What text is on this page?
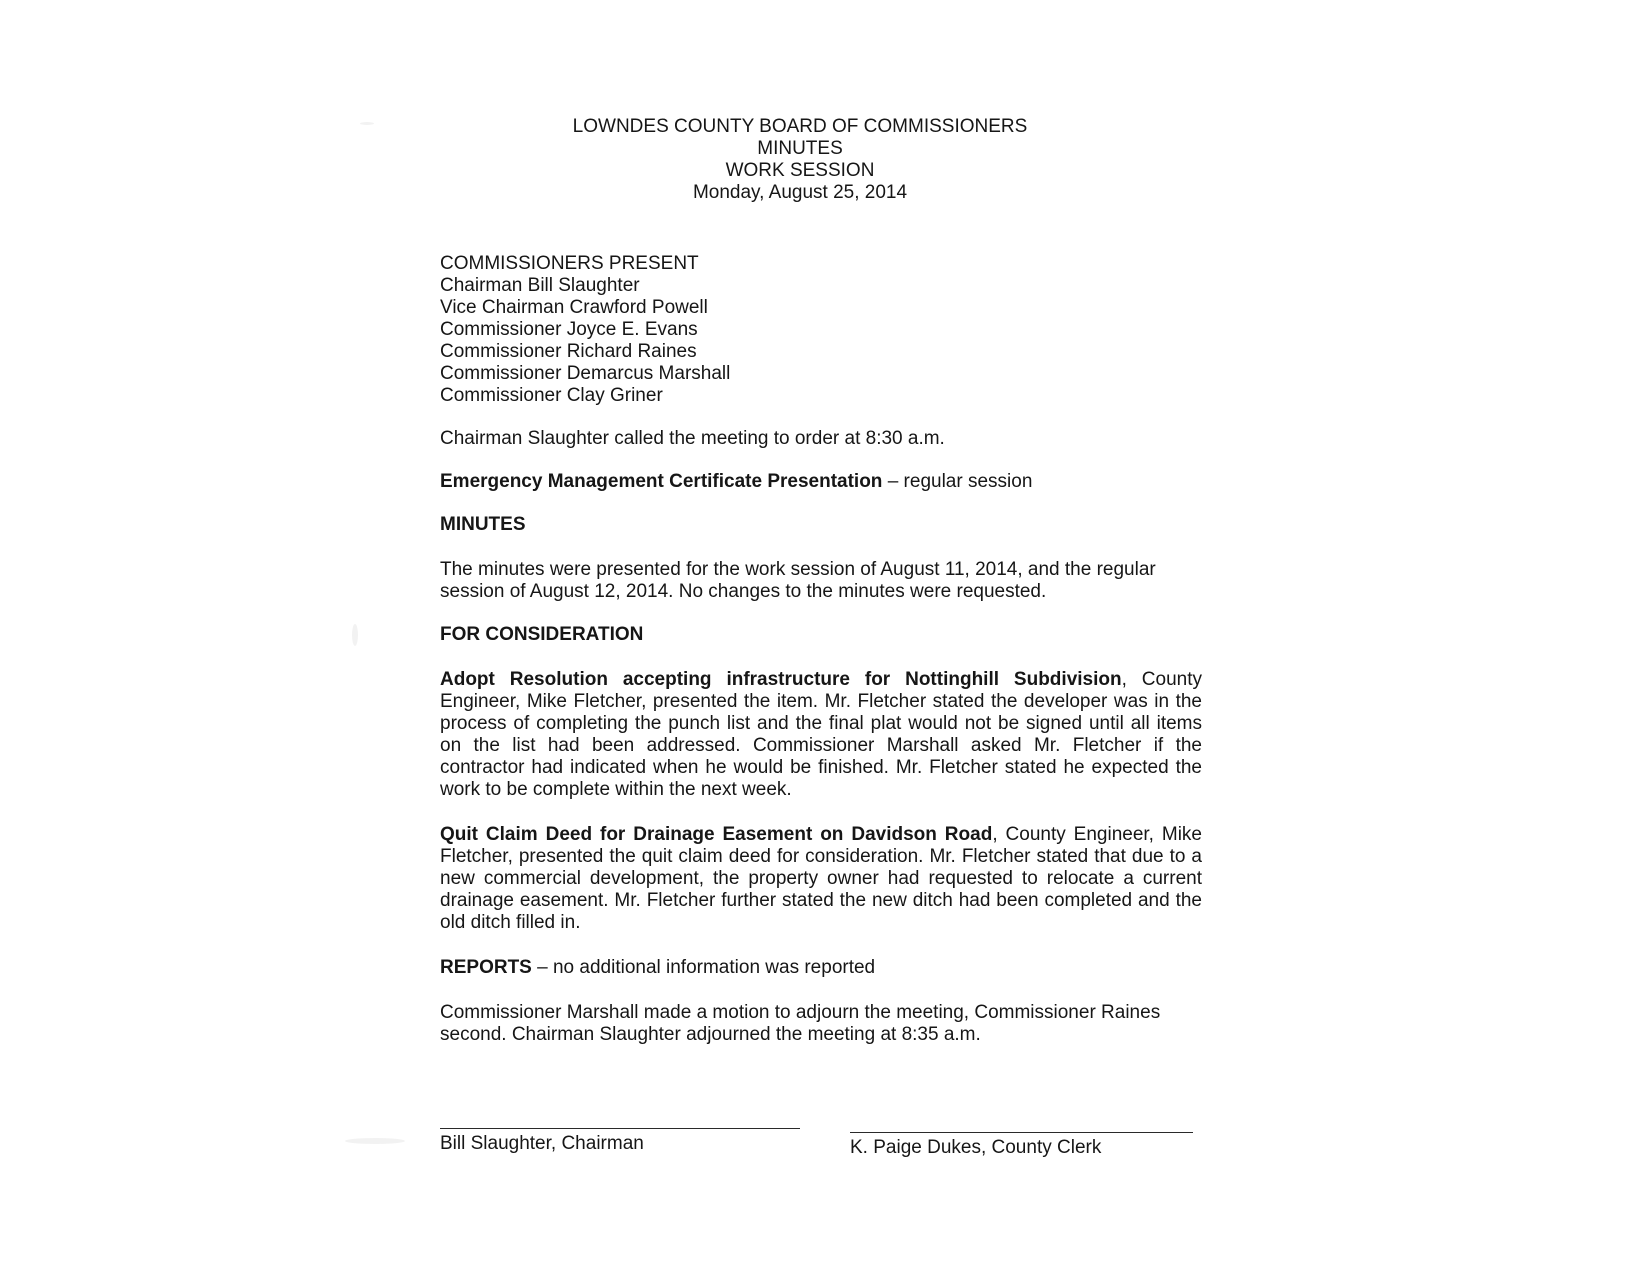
LOWNDES COUNTY BOARD OF COMMISSIONERS
MINUTES
WORK SESSION
Monday, August 25, 2014
COMMISSIONERS PRESENT
Chairman Bill Slaughter
Vice Chairman Crawford Powell
Commissioner Joyce E. Evans
Commissioner Richard Raines
Commissioner Demarcus Marshall
Commissioner Clay Griner

Chairman Slaughter called the meeting to order at 8:30 a.m.

Emergency Management Certificate Presentation – regular session

MINUTES

The minutes were presented for the work session of August 11, 2014, and the regular session of August 12, 2014. No changes to the minutes were requested.

FOR CONSIDERATION

Adopt Resolution accepting infrastructure for Nottinghill Subdivision, County Engineer, Mike Fletcher, presented the item. Mr. Fletcher stated the developer was in the process of completing the punch list and the final plat would not be signed until all items on the list had been addressed. Commissioner Marshall asked Mr. Fletcher if the contractor had indicated when he would be finished. Mr. Fletcher stated he expected the work to be complete within the next week.

Quit Claim Deed for Drainage Easement on Davidson Road, County Engineer, Mike Fletcher, presented the quit claim deed for consideration. Mr. Fletcher stated that due to a new commercial development, the property owner had requested to relocate a current drainage easement. Mr. Fletcher further stated the new ditch had been completed and the old ditch filled in.

REPORTS – no additional information was reported

Commissioner Marshall made a motion to adjourn the meeting, Commissioner Raines second. Chairman Slaughter adjourned the meeting at 8:35 a.m.

Bill Slaughter, Chairman	K. Paige Dukes, County Clerk
